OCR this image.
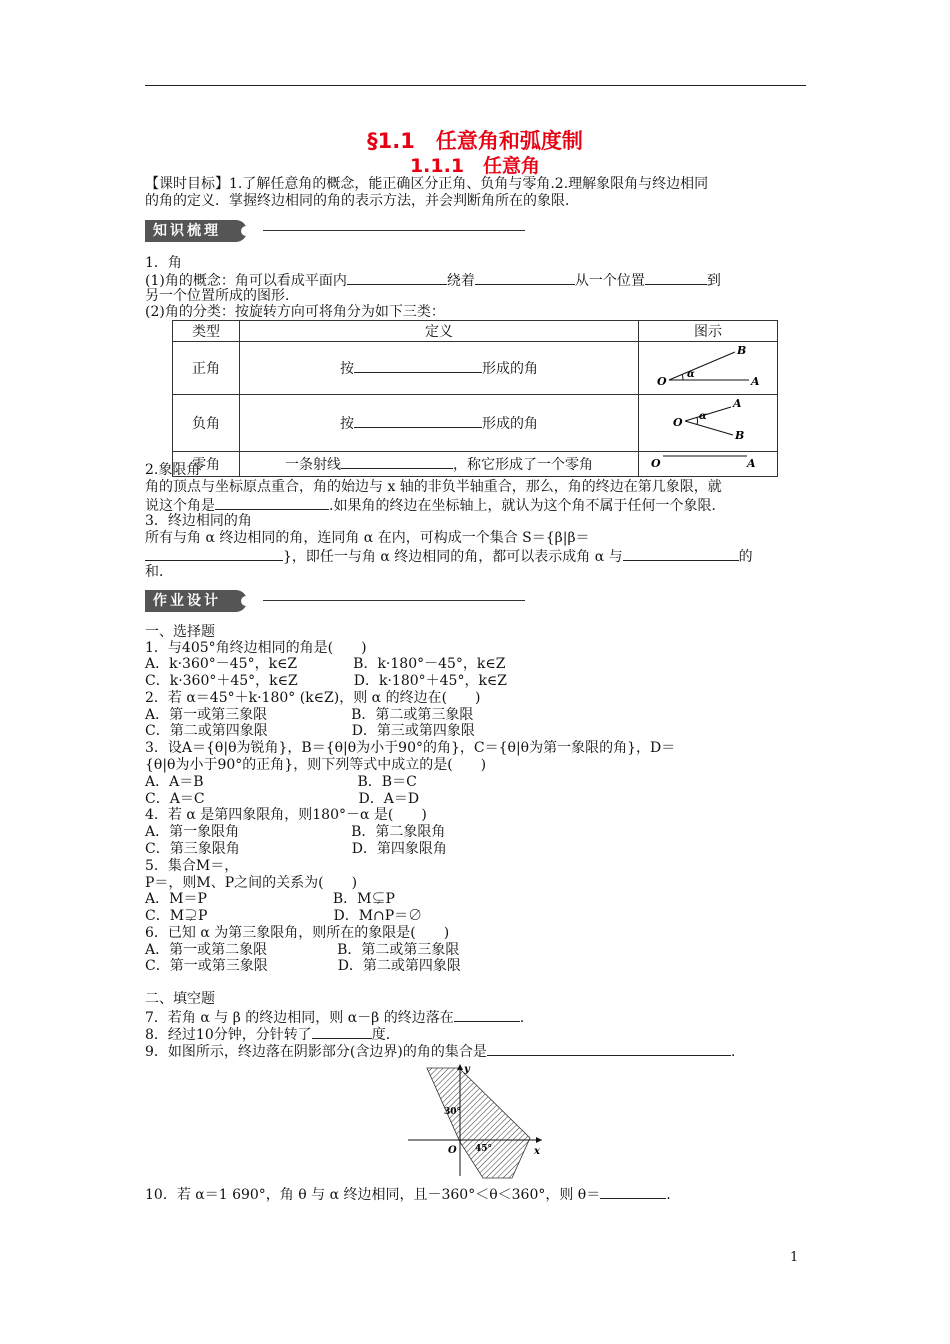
§1.1　任意角和弧度制
1.1.1　任意角
【课时目标】1.了解任意角的概念，能正确区分正角、负角与零角.2.理解象限角与终边相同
的角的定义．掌握终边相同的角的表示方法，并会判断角所在的象限．
知识梳理
1．角
(1)角的概念：角可以看成平面内	绕着	从一个位置	到
另一个位置所成的图形．
(2)角的分类：按旋转方向可将角分为如下三类：
类型	定义	图示
正角	按 形成的角	O A
B
α

负角	按 形成的角	O
A
B
α

零角	一条射线 ，称它形成了一个零角	O A
2.象限角
角的顶点与坐标原点重合，角的始边与 x 轴的非负半轴重合，那么，角的终边在第几象限，就
说这个角是	.如果角的终边在坐标轴上，就认为这个角不属于任何一个象限．
3．终边相同的角
所有与角 α 终边相同的角，连同角 α 在内，可构成一个集合 S＝{β|β＝
}，即任一与角 α 终边相同的角，都可以表示成角 α 与	的
和．
作业设计
一、选择题
1．与405°角终边相同的角是(　　)
A．k·360°－45°，k∈Z　　　　B．k·180°－45°，k∈Z
C．k·360°＋45°，k∈Z　　　　D．k·180°＋45°，k∈Z
2．若 α＝45°＋k·180° (k∈Z)，则 α 的终边在(　　)
A．第一或第三象限　　　　　　B．第二或第三象限
C．第二或第四象限　　　　　　D．第三或第四象限
3．设A＝{θ|θ为锐角}，B＝{θ|θ为小于90°的角}，C＝{θ|θ为第一象限的角}，D＝
{θ|θ为小于90°的正角}，则下列等式中成立的是(　　)
A．A＝B　　　　　　　　　　　B．B＝C
C．A＝C　　　　　　　　　　　D．A＝D
4．若 α 是第四象限角，则180°－α 是(　　)
A．第一象限角　　　　　　　　B．第二象限角
C．第三象限角　　　　　　　　D．第四象限角
5．集合M＝，
P＝，则M、P之间的关系为(　　)
A．M＝P　　　　　　　　　B．M⊊P
C．M⊋P　　　　　　　　　D．M∩P＝∅
6．已知 α 为第三象限角，则所在的象限是(　　)
A．第一或第二象限　　　　　B．第二或第三象限
C．第一或第三象限　　　　　D．第二或第四象限
二、填空题
7．若角 α 与 β 的终边相同，则 α－β 的终边落在	.
8．经过10分钟，分针转了	度．
9．如图所示，终边落在阴影部分(含边界)的角的集合是	.
y
x
O
30°
45°
10．若 α＝1 690°，角 θ 与 α 终边相同，且－360°＜θ＜360°，则 θ＝	.
1
